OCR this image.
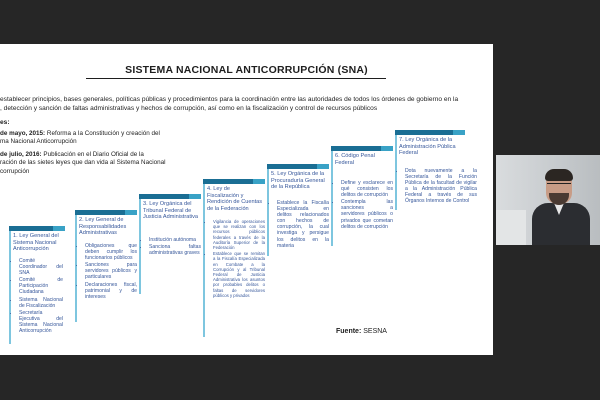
SISTEMA NACIONAL ANTICORRUPCIÓN (SNA)
establecer principios, bases generales, políticas públicas y procedimientos para la coordinación entre las autoridades de todos los órdenes de gobierno en la
, detección y sanción de faltas administrativas y hechos de corrupción, así como en la fiscalización y control de recursos públicos
es:
de mayo, 2015: Reforma a la Constitución y creación del
ma Nacional Anticorrupción
de julio, 2016: Publicación en el Diario Oficial de la
ración de las sietes leyes que dan vida al Sistema Nacional
corrupción
1. Ley General del Sistema Nacional Anticorrupción
• Comité Coordinador del SNA
• Comité de Participación Ciudadana
• Sistema Nacional de Fiscalización
• Secretaría Ejecutiva del Sistema Nacional Anticorrupción
2. Ley General de Responsabilidades Administrativas
• Obligaciones que deben cumplir los funcionarios públicos
• Sanciones para servidores públicos y particulares
• Declaraciones fiscal, patrimonial y de intereses
3. Ley Orgánica del Tribunal Federal de Justicia Administrativa
• Institución autónoma
• Sanciona faltas administrativas graves
4. Ley de Fiscalización y Rendición de Cuentas de la Federación
• Vigilancia de operaciones que se realizan con los recursos públicos federales a través de la Auditoría Superior de la Federación
• Establece que se remitan a la Fiscalía Especializada en Combate a la Corrupción y al Tribunal Federal de Justicia Administrativa los asuntos por probables delitos o faltas de servidores públicos y privados
5. Ley Orgánica de la Procuraduría General de la República
• Establece la Fiscalía Especializada en delitos relacionados con hechos de corrupción, la cual investiga y persigue los delitos en la materia
6. Código Penal Federal
• Define y esclarece en qué consisten los delitos de corrupción
• Contempla las sanciones a servidores públicos o privados que cometan delitos de corrupción
7. Ley Orgánica de la Administración Pública Federal
• Dota nuevamente a la Secretaría de la Función Pública de la facultad de vigilar a la Administración Pública Federal a través de sus Órganos Internos de Control
Fuente: SESNA
